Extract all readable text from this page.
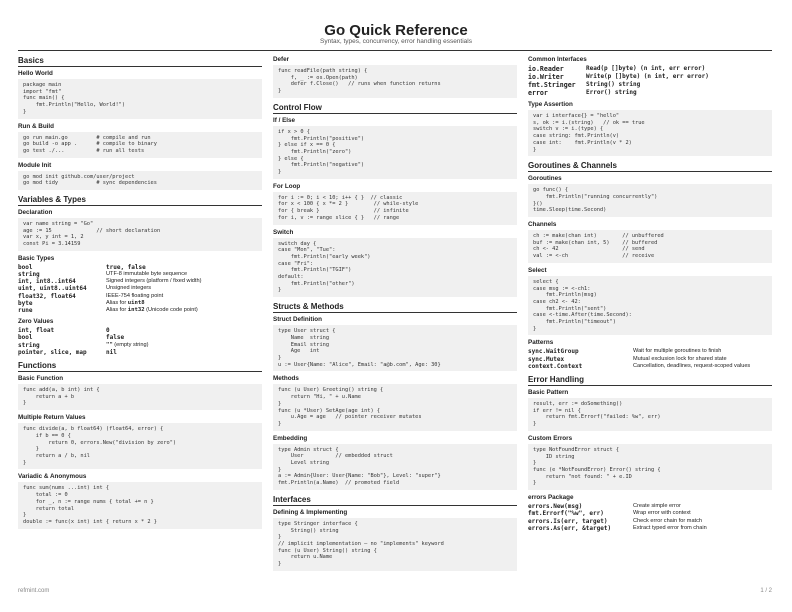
Go Quick Reference
Syntax, types, concurrency, error handling essentials
Basics
Hello World
package main
import "fmt"
func main() {
fmt.Println("Hello, World!")
}
Run & Build
go run main.go         # compile and run
go build -o app .      # compile to binary
go test ./...          # run all tests
Module Init
go mod init github.com/user/project
go mod tidy            # sync dependencies
Variables & Types
Declaration
var name string = "Go"
age := 15              // short declaration
var x, y int = 1, 2
const Pi = 3.14159
Basic Types
bool	true, false
string	UTF-8 immutable byte sequence
int, int8..int64	Signed integers (platform / fixed width)
uint, uint8..uint64	Unsigned integers
float32, float64	IEEE-754 floating point
byte	Alias for uint8
rune	Alias for int32 (Unicode code point)
Zero Values
int, float	0
bool	false
string	"" (empty string)
pointer, slice, map	nil
Functions
Basic Function
func add(a, b int) int {
return a + b
}
Multiple Return Values
func divide(a, b float64) (float64, error) {
if b == 0 {
return 0, errors.New("division by zero")
}
return a / b, nil
}
Variadic & Anonymous
func sum(nums ...int) int {
total := 0
for _, n := range nums { total += n }
return total
}
double := func(x int) int { return x * 2 }
Defer
func readFile(path string) {
f, _ := os.Open(path)
defer f.Close()   // runs when function returns
}
Control Flow
If / Else
if x > 0 {
fmt.Println("positive")
} else if x == 0 {
fmt.Println("zero")
} else {
fmt.Println("negative")
}
For Loop
for i := 0; i < 10; i++ { }  // classic
for x < 100 { x *= 2 }        // while-style
for { break }                 // infinite
for i, v := range slice { }   // range
Switch
switch day {
case "Mon", "Tue":
fmt.Println("early week")
case "Fri":
fmt.Println("TGIF")
default:
fmt.Println("other")
}
Structs & Methods
Struct Definition
type User struct {
Name  string
Email string
Age   int
}
u := User{Name: "Alice", Email: "a@b.com", Age: 30}
Methods
func (u User) Greeting() string {
return "Hi, " + u.Name
}
func (u *User) SetAge(age int) {
u.Age = age   // pointer receiver mutates
}
Embedding
type Admin struct {
User          // embedded struct
Level string
}
a := Admin{User: User{Name: "Bob"}, Level: "super"}
fmt.Println(a.Name)  // promoted field
Interfaces
Defining & Implementing
type Stringer interface {
String() string
}
// implicit implementation — no "implements" keyword
func (u User) String() string {
return u.Name
}
Common Interfaces
io.Reader	Read(p []byte) (n int, err error)
io.Writer	Write(p []byte) (n int, err error)
fmt.Stringer	String() string
error	Error() string
Type Assertion
var i interface{} = "hello"
s, ok := i.(string)   // ok == true
switch v := i.(type) {
case string: fmt.Println(v)
case int:    fmt.Println(v * 2)
}
Goroutines & Channels
Goroutines
go func() {
fmt.Println("running concurrently")
}()
time.Sleep(time.Second)
Channels
ch := make(chan int)        // unbuffered
buf := make(chan int, 5)    // buffered
ch <- 42                    // send
val := <-ch                 // receive
Select
select {
case msg := <-ch1:
fmt.Println(msg)
case ch2 <- 42:
fmt.Println("sent")
case <-time.After(time.Second):
fmt.Println("timeout")
}
Patterns
sync.WaitGroup	Wait for multiple goroutines to finish
sync.Mutex	Mutual exclusion lock for shared state
context.Context	Cancellation, deadlines, request-scoped values
Error Handling
Basic Pattern
result, err := doSomething()
if err != nil {
return fmt.Errorf("failed: %w", err)
}
Custom Errors
type NotFoundError struct {
ID string
}
func (e *NotFoundError) Error() string {
return "not found: " + e.ID
}
errors Package
errors.New(msg)	Create simple error
fmt.Errorf("%w", err)	Wrap error with context
errors.Is(err, target)	Check error chain for match
errors.As(err, &target)	Extract typed error from chain
refmint.com	1 / 2
